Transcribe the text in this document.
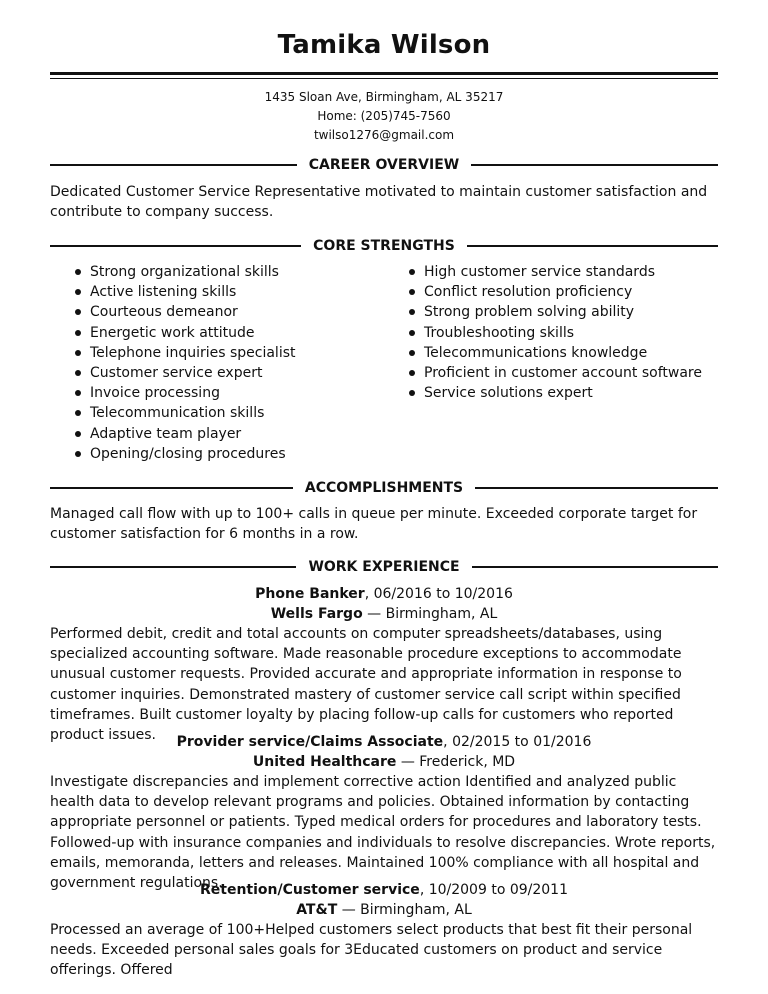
Tamika Wilson
1435 Sloan Ave, Birmingham, AL 35217
Home: (205)745-7560
twilso1276@gmail.com
CAREER OVERVIEW
Dedicated Customer Service Representative motivated to maintain customer satisfaction and contribute to company success.
CORE STRENGTHS
Strong organizational skills
Active listening skills
Courteous demeanor
Energetic work attitude
Telephone inquiries specialist
Customer service expert
Invoice processing
Telecommunication skills
Adaptive team player
Opening/closing procedures
High customer service standards
Conflict resolution proficiency
Strong problem solving ability
Troubleshooting skills
Telecommunications knowledge
Proficient in customer account software
Service solutions expert
ACCOMPLISHMENTS
Managed call flow with up to 100+ calls in queue per minute. Exceeded corporate target for customer satisfaction for 6 months in a row.
WORK EXPERIENCE
Phone Banker, 06/2016 to 10/2016
Wells Fargo — Birmingham, AL
Performed debit, credit and total accounts on computer spreadsheets/databases, using specialized accounting software. Made reasonable procedure exceptions to accommodate unusual customer requests. Provided accurate and appropriate information in response to customer inquiries. Demonstrated mastery of customer service call script within specified timeframes. Built customer loyalty by placing follow-up calls for customers who reported product issues.	Provider service/Claims Associate, 02/2015 to 01/2016
United Healthcare — Frederick, MD
Investigate discrepancies and implement corrective action Identified and analyzed public health data to develop relevant programs and policies. Obtained information by contacting appropriate personnel or patients. Typed medical orders for procedures and laboratory tests. Followed-up with insurance companies and individuals to resolve discrepancies. Wrote reports, emails, memoranda, letters and releases. Maintained 100% compliance with all hospital and government regulations.
Retention/Customer service, 10/2009 to 09/2011
AT&T — Birmingham, AL
Processed an average of 100+Helped customers select products that best fit their personal needs. Exceeded personal sales goals for 3Educated customers on product and service offerings. Offered
